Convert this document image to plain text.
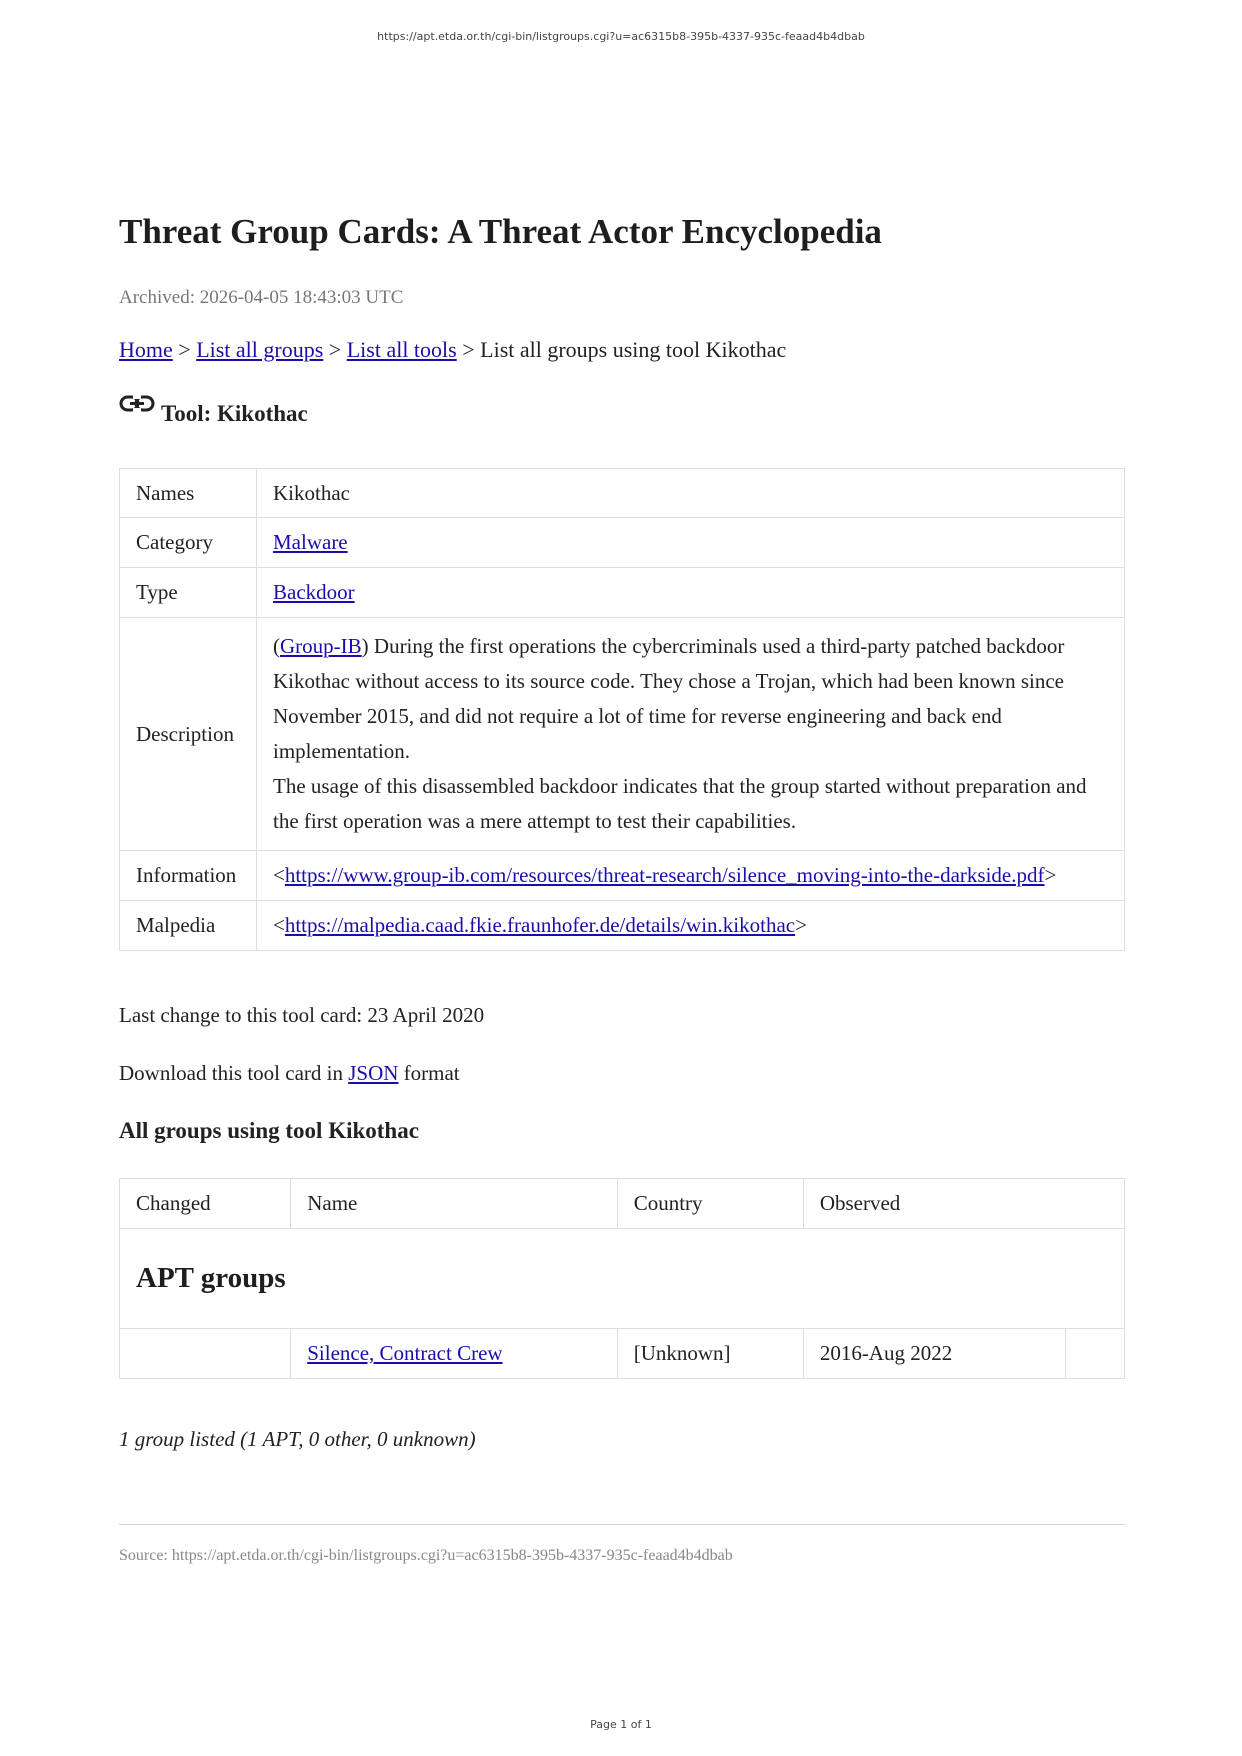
https://apt.etda.or.th/cgi-bin/listgroups.cgi?u=ac6315b8-395b-4337-935c-feaad4b4dbab
Threat Group Cards: A Threat Actor Encyclopedia
Archived: 2026-04-05 18:43:03 UTC
Home > List all groups > List all tools > List all groups using tool Kikothac
Tool: Kikothac
Names	Kikothac
Category	Malware
Type	Backdoor
Description	(Group-IB) During the first operations the cybercriminals used a third-party patched backdoor Kikothac without access to its source code. They chose a Trojan, which had been known since November 2015, and did not require a lot of time for reverse engineering and back end implementation.
The usage of this disassembled backdoor indicates that the group started without preparation and the first operation was a mere attempt to test their capabilities.
Information	<https://www.group-ib.com/resources/threat-research/silence_moving-into-the-darkside.pdf>
Malpedia	<https://malpedia.caad.fkie.fraunhofer.de/details/win.kikothac>
Last change to this tool card: 23 April 2020
Download this tool card in JSON format
All groups using tool Kikothac
Changed	Name	Country	Observed	
APT groups				
	Silence, Contract Crew	[Unknown]	2016-Aug 2022	
1 group listed (1 APT, 0 other, 0 unknown)
Source: https://apt.etda.or.th/cgi-bin/listgroups.cgi?u=ac6315b8-395b-4337-935c-feaad4b4dbab
Page 1 of 1
